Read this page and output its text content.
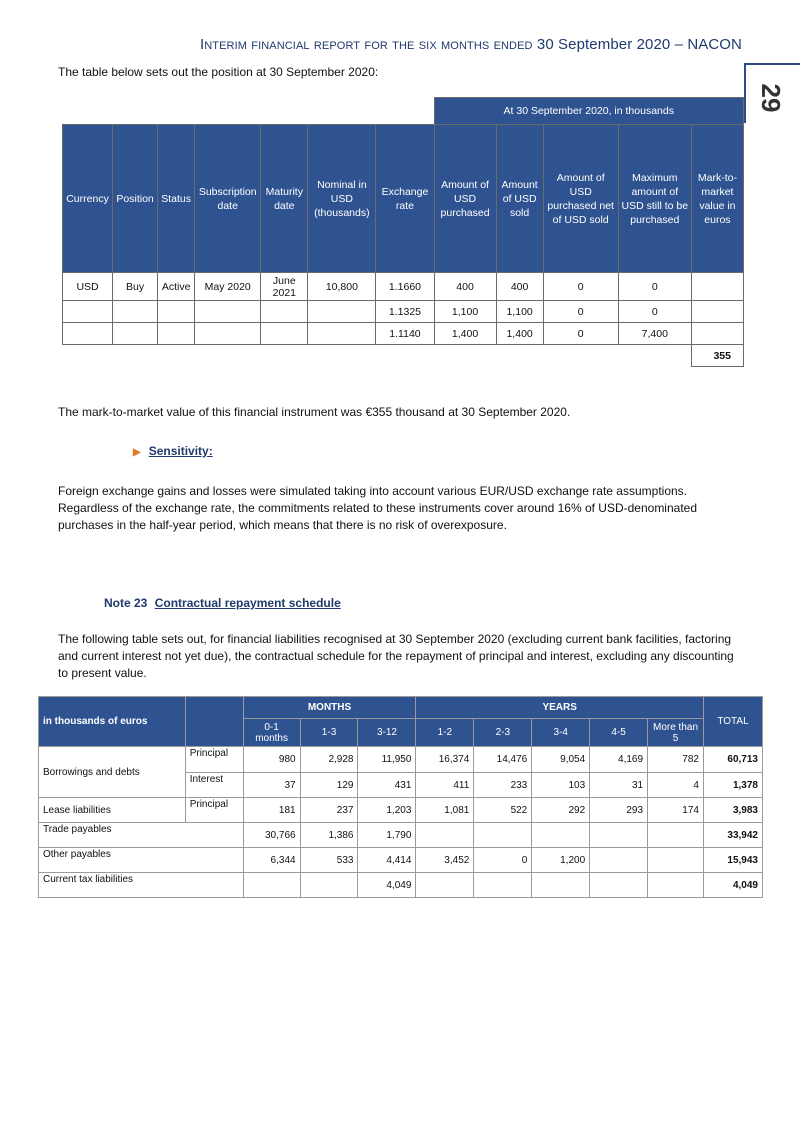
Interim financial report for the six months ended 30 September 2020 – NACON
29
The table below sets out the position at 30 September 2020:
							At 30 September 2020, in thousands				
Currency	Position	Status	Subscription date	Maturity date	Nominal in USD (thousands)	Exchange rate	Amount of USD purchased	Amount of USD sold	Amount of USD purchased net of USD sold	Maximum amount of USD still to be purchased	Mark-to-market value in euros
USD	Buy	Active	May 2020	June 2021	10,800	1.1660	400	400	0	0	
						1.1325	1,100	1,100	0	0	
						1.1140	1,400	1,400	0	7,400	
											355
The mark-to-market value of this financial instrument was €355 thousand at 30 September 2020.
▶ Sensitivity:
Foreign exchange gains and losses were simulated taking into account various EUR/USD exchange rate assumptions. Regardless of the exchange rate, the commitments related to these instruments cover around 16% of USD-denominated purchases in the half-year period, which means that there is no risk of overexposure.
Note 23 Contractual repayment schedule
The following table sets out, for financial liabilities recognised at 30 September 2020 (excluding current bank facilities, factoring and current interest not yet due), the contractual schedule for the repayment of principal and interest, excluding any discounting to present value.
in thousands of euros		MONTHS			YEARS					TOTAL
		0-1 months	1-3	3-12	1-2	2-3	3-4	4-5	More than 5	
Borrowings and debts	Principal	980	2,928	11,950	16,374	14,476	9,054	4,169	782	60,713
	Interest	37	129	431	411	233	103	31	4	1,378
Lease liabilities	Principal	181	237	1,203	1,081	522	292	293	174	3,983
Trade payables		30,766	1,386	1,790						33,942
Other payables		6,344	533	4,414	3,452	0	1,200			15,943
Current tax liabilities				4,049						4,049
